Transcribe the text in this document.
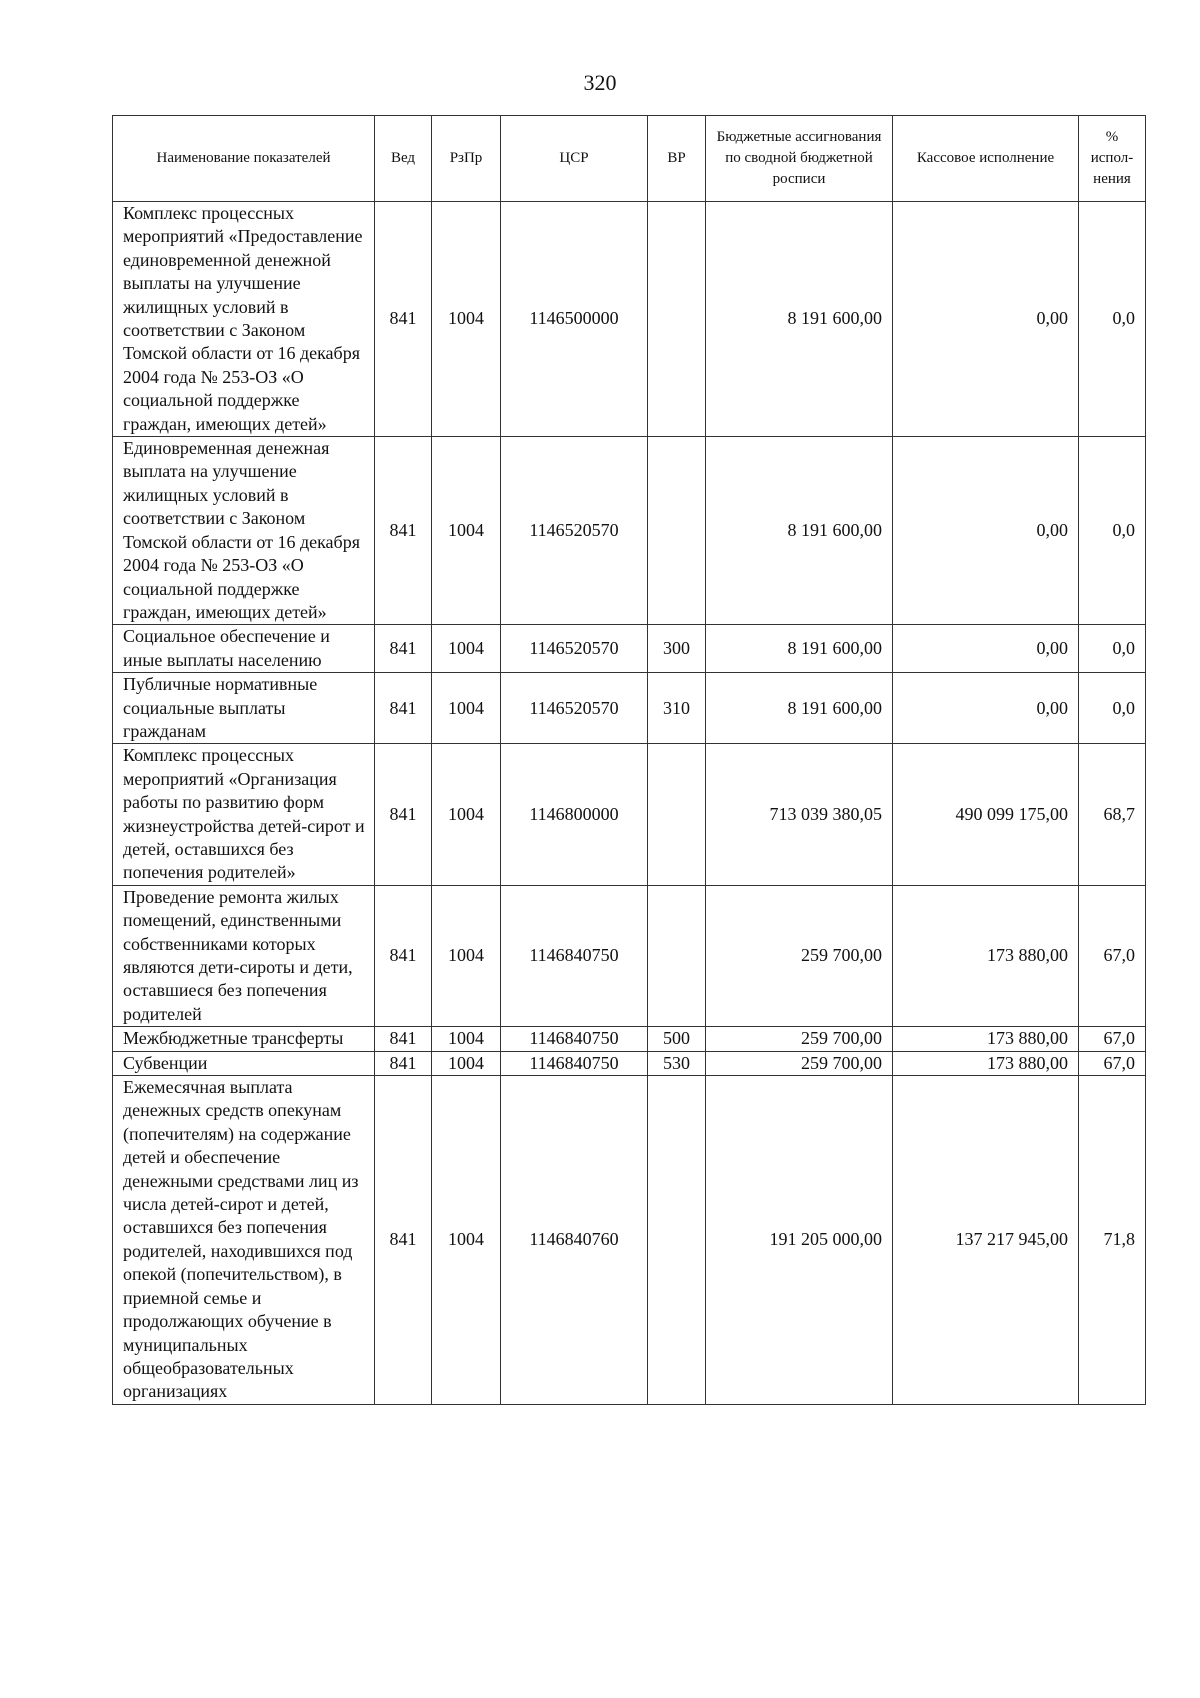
320
Наименование показателей	Вед	РзПр	ЦСР	ВР	Бюджетные ассигнования по сводной бюджетной росписи	Кассовое исполнение	% испол-нения
Комплекс процессных мероприятий «Предоставление единовременной денежной выплаты на улучшение жилищных условий в соответствии с Законом Томской области от 16 декабря 2004 года № 253-ОЗ «О социальной поддержке граждан, имеющих детей»	841	1004	1146500000		8 191 600,00	0,00	0,0
Единовременная денежная выплата на улучшение жилищных условий в соответствии с Законом Томской области от 16 декабря 2004 года № 253-ОЗ «О социальной поддержке граждан, имеющих детей»	841	1004	1146520570		8 191 600,00	0,00	0,0
Социальное обеспечение и иные выплаты населению	841	1004	1146520570	300	8 191 600,00	0,00	0,0
Публичные нормативные социальные выплаты гражданам	841	1004	1146520570	310	8 191 600,00	0,00	0,0
Комплекс процессных мероприятий «Организация работы по развитию форм жизнеустройства детей-сирот и детей, оставшихся без попечения родителей»	841	1004	1146800000		713 039 380,05	490 099 175,00	68,7
Проведение ремонта жилых помещений, единственными собственниками которых являются дети-сироты и дети, оставшиеся без попечения родителей	841	1004	1146840750		259 700,00	173 880,00	67,0
Межбюджетные трансферты	841	1004	1146840750	500	259 700,00	173 880,00	67,0
Субвенции	841	1004	1146840750	530	259 700,00	173 880,00	67,0
Ежемесячная выплата денежных средств опекунам (попечителям) на содержание детей и обеспечение денежными средствами лиц из числа детей-сирот и детей, оставшихся без попечения родителей, находившихся под опекой (попечительством), в приемной семье и продолжающих обучение в муниципальных общеобразовательных организациях	841	1004	1146840760		191 205 000,00	137 217 945,00	71,8
